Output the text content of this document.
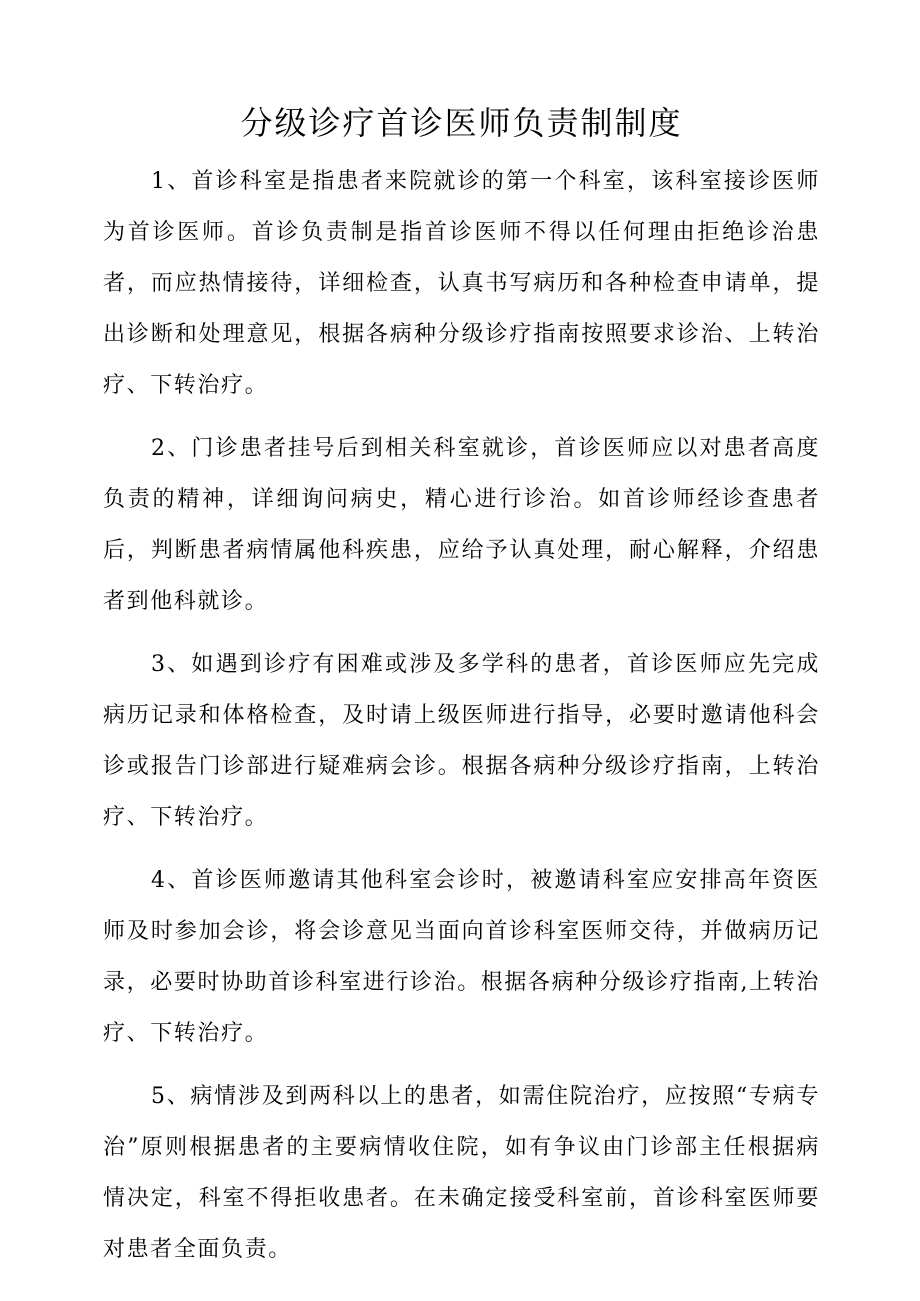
分级诊疗首诊医师负责制制度

1、首诊科室是指患者来院就诊的第一个科室，该科室接诊医师为首诊医师。首诊负责制是指首诊医师不得以任何理由拒绝诊治患者，而应热情接待，详细检查，认真书写病历和各种检查申请单，提出诊断和处理意见，根据各病种分级诊疗指南按照要求诊治、上转治疗、下转治疗。

2、门诊患者挂号后到相关科室就诊，首诊医师应以对患者高度负责的精神，详细询问病史，精心进行诊治。如首诊师经诊查患者后，判断患者病情属他科疾患，应给予认真处理，耐心解释，介绍患者到他科就诊。

3、如遇到诊疗有困难或涉及多学科的患者，首诊医师应先完成病历记录和体格检查，及时请上级医师进行指导，必要时邀请他科会诊或报告门诊部进行疑难病会诊。根据各病种分级诊疗指南，上转治疗、下转治疗。

4、首诊医师邀请其他科室会诊时，被邀请科室应安排高年资医师及时参加会诊，将会诊意见当面向首诊科室医师交待，并做病历记录，必要时协助首诊科室进行诊治。根据各病种分级诊疗指南,上转治疗、下转治疗。

5、病情涉及到两科以上的患者，如需住院治疗，应按照“专病专治”原则根据患者的主要病情收住院，如有争议由门诊部主任根据病情决定，科室不得拒收患者。在未确定接受科室前，首诊科室医师要对患者全面负责。
